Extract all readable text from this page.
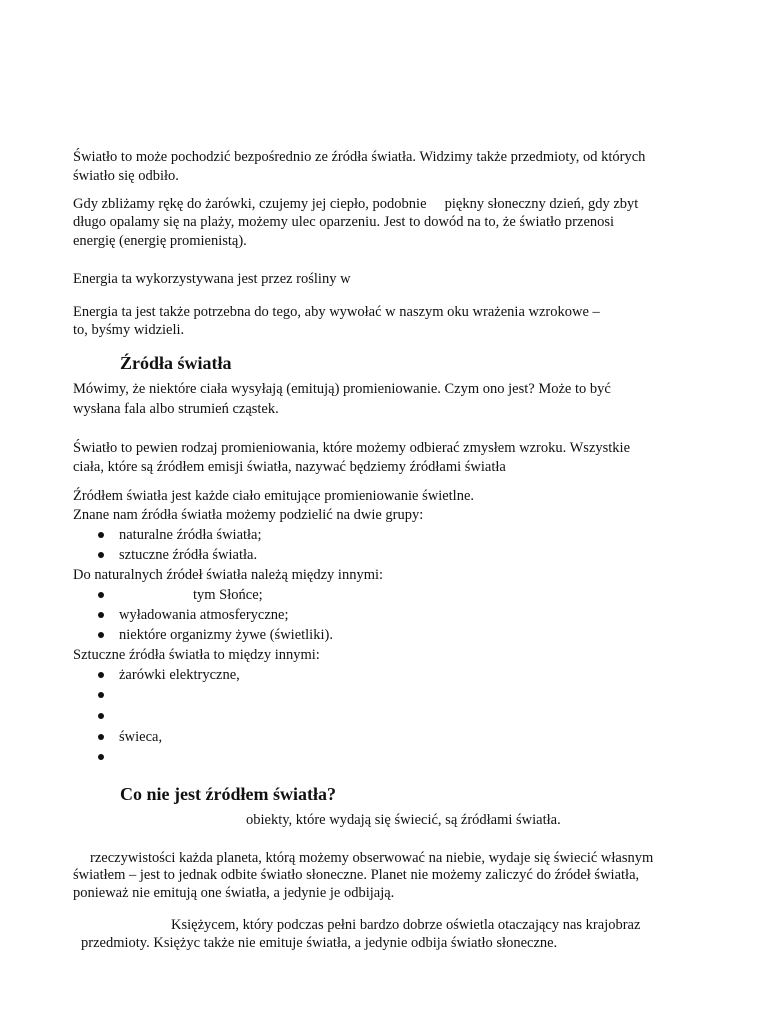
Światło to może pochodzić bezpośrednio ze źródła światła. Widzimy także przedmioty, od których

światło się odbiło.

Gdy zbliżamy rękę do żarówki, czujemy jej ciepło, podobnie     piękny słoneczny dzień, gdy zbyt

długo opalamy się na plaży, możemy ulec oparzeniu. Jest to dowód na to, że światło przenosi

energię (energię promienistą).

Energia ta wykorzystywana jest przez rośliny w

Energia ta jest także potrzebna do tego, aby wywołać w naszym oku wrażenia wzrokowe –

to, byśmy widzieli.

Źródła światła

Mówimy, że niektóre ciała wysyłają (emitują) promieniowanie. Czym ono jest? Może to być

wysłana fala albo strumień cząstek.

Światło to pewien rodzaj promieniowania, które możemy odbierać zmysłem wzroku. Wszystkie

ciała, które są źródłem emisji światła, nazywać będziemy źródłami światła

Źródłem światła jest każde ciało emitujące promieniowanie świetlne.

Znane nam źródła światła możemy podzielić na dwie grupy:

naturalne źródła światła;

sztuczne źródła światła.

Do naturalnych źródeł światła należą między innymi:

tym Słońce;

wyładowania atmosferyczne;

niektóre organizmy żywe (świetliki).

Sztuczne źródła światła to między innymi:

żarówki elektryczne,

świeca,

Co nie jest źródłem światła?

obiekty, które wydają się świecić, są źródłami światła.

rzeczywistości każda planeta, którą możemy obserwować na niebie, wydaje się świecić własnym

światłem – jest to jednak odbite światło słoneczne. Planet nie możemy zaliczyć do źródeł światła,

ponieważ nie emitują one światła, a jedynie je odbijają.

Księżycem, który podczas pełni bardzo dobrze oświetla otaczający nas krajobraz

przedmioty. Księżyc także nie emituje światła, a jedynie odbija światło słoneczne.
